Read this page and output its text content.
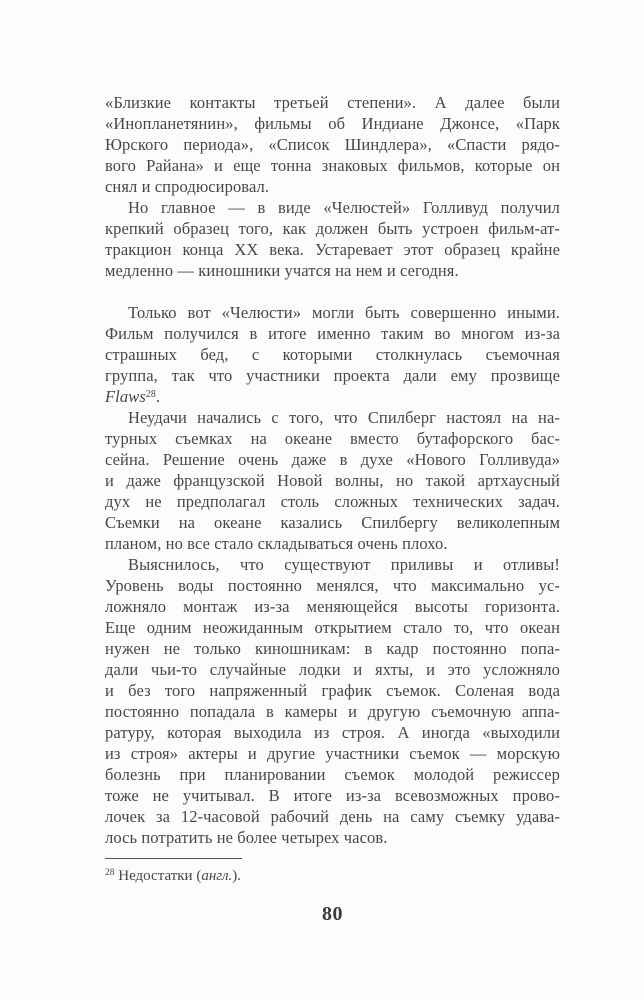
«Близкие контакты третьей степени». А далее были
«Инопланетянин», фильмы об Индиане Джонсе, «Парк
Юрского периода», «Список Шиндлера», «Спасти рядо-
вого Райана» и еще тонна знаковых фильмов, которые он
снял и спродюсировал.
Но главное — в виде «Челюстей» Голливуд получил
крепкий образец того, как должен быть устроен фильм-ат-
тракцион конца XX века. Устаревает этот образец крайне
медленно — киношники учатся на нем и сегодня.
Только вот «Челюсти» могли быть совершенно иными.
Фильм получился в итоге именно таким во многом из-за
страшных бед, с которыми столкнулась съемочная
группа, так что участники проекта дали ему прозвище
Flaws$^{28}$.
Неудачи начались с того, что Спилберг настоял на на-
турных съемках на океане вместо бутафорского бас-
сейна. Решение очень даже в духе «Нового Голливуда»
и даже французской Новой волны, но такой артхаусный
дух не предполагал столь сложных технических задач.
Съемки на океане казались Спилбергу великолепным
планом, но все стало складываться очень плохо.
Выяснилось, что существуют приливы и отливы!
Уровень воды постоянно менялся, что максимально ус-
ложняло монтаж из-за меняющейся высоты горизонта.
Еще одним неожиданным открытием стало то, что океан
нужен не только киношникам: в кадр постоянно попа-
дали чьи-то случайные лодки и яхты, и это усложняло
и без того напряженный график съемок. Соленая вода
постоянно попадала в камеры и другую съемочную аппа-
ратуру, которая выходила из строя. А иногда «выходили
из строя» актеры и другие участники съемок — морскую
болезнь при планировании съемок молодой режиссер
тоже не учитывал. В итоге из-за всевозможных прово-
лочек за 12-часовой рабочий день на саму съемку удава-
лось потратить не более четырех часов.
$^{28}$ Недостатки (англ.).
80
